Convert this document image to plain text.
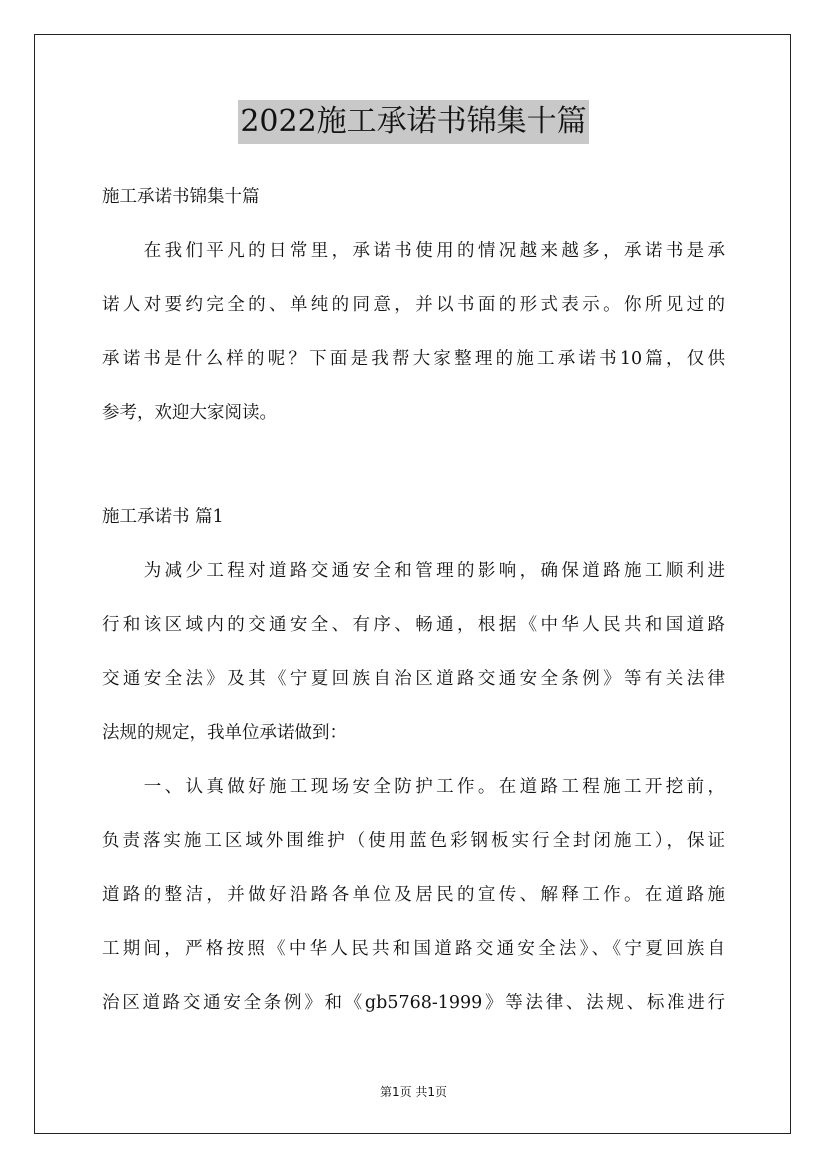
2022施工承诺书锦集十篇
施工承诺书锦集十篇
　　在我们平凡的日常里，承诺书使用的情况越来越多，承诺书是承
诺人对要约完全的、单纯的同意，并以书面的形式表示。你所见过的
承诺书是什么样的呢？下面是我帮大家整理的施工承诺书10篇，仅供
参考，欢迎大家阅读。
施工承诺书 篇1
　　为减少工程对道路交通安全和管理的影响，确保道路施工顺利进
行和该区域内的交通安全、有序、畅通，根据《中华人民共和国道路
交通安全法》及其《宁夏回族自治区道路交通安全条例》等有关法律
法规的规定，我单位承诺做到：
　　一、认真做好施工现场安全防护工作。在道路工程施工开挖前，
负责落实施工区域外围维护（使用蓝色彩钢板实行全封闭施工），保证
道路的整洁，并做好沿路各单位及居民的宣传、解释工作。在道路施
工期间，严格按照《中华人民共和国道路交通安全法》、《宁夏回族自
治区道路交通安全条例》和《gb5768-1999》等法律、法规、标准进行
第1页 共1页
